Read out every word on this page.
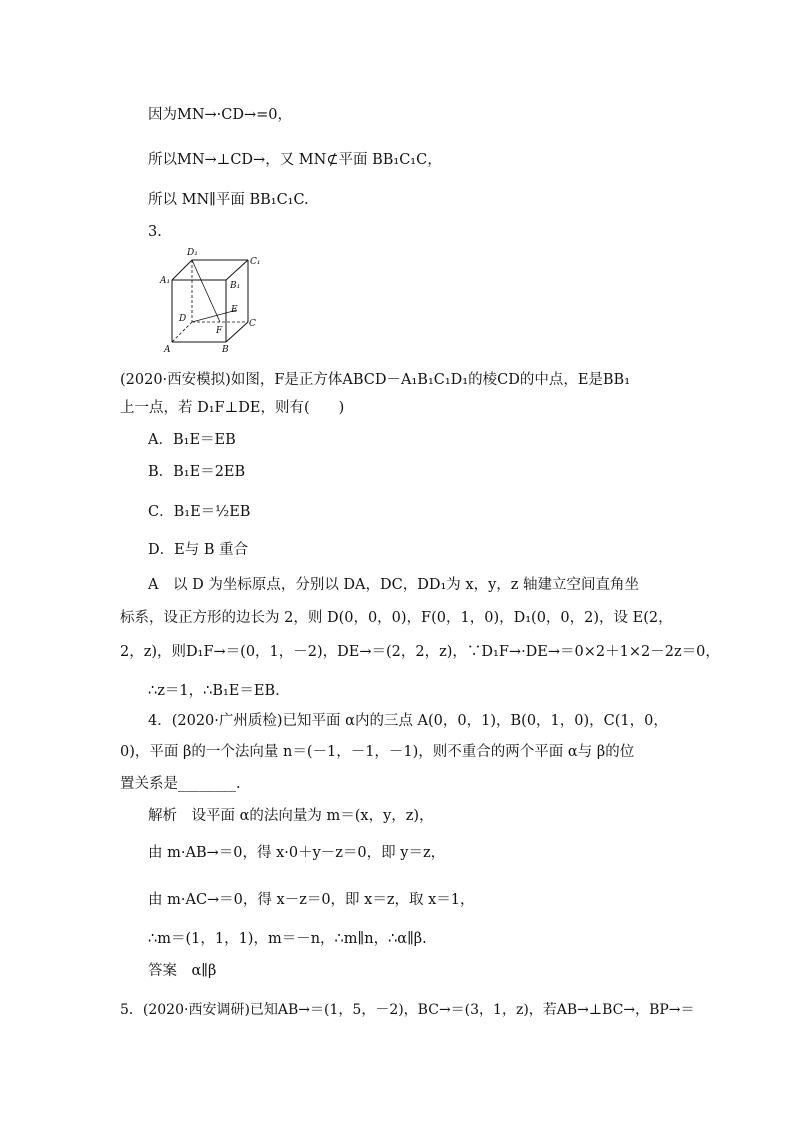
因为MN→·CD→=0，
所以MN→⊥CD→，又 MN⊄平面 BB₁C₁C，
所以 MN∥平面 BB₁C₁C.
3.
D₁
C₁
A₁	B₁
E
D
F
C
A	B
(2020·西安模拟)如图，F是正方体ABCD－A₁B₁C₁D₁的棱CD的中点，E是BB₁
上一点，若 D₁F⊥DE，则有(　　)
A．B₁E＝EB
B．B₁E＝2EB
C．B₁E＝½EB
D．E与 B 重合
A　以 D 为坐标原点，分别以 DA，DC，DD₁为 x，y，z 轴建立空间直角坐
标系，设正方形的边长为 2，则 D(0，0，0)，F(0，1，0)，D₁(0，0，2)，设 E(2，
2，z)，则D₁F→＝(0，1，－2)，DE→＝(2，2，z)，∵D₁F→·DE→＝0×2＋1×2－2z＝0，
∴z＝1，∴B₁E＝EB.
4．(2020·广州质检)已知平面 α内的三点 A(0，0，1)，B(0，1，0)，C(1，0，
0)，平面 β的一个法向量 n＝(－1，－1，－1)，则不重合的两个平面 α与 β的位
置关系是________.
解析　设平面 α的法向量为 m＝(x，y，z)，
由 m·AB→＝0，得 x·0＋y－z＝0，即 y＝z，
由 m·AC→＝0，得 x－z＝0，即 x＝z，取 x＝1，
∴m＝(1，1，1)，m＝－n，∴m∥n，∴α∥β.
答案　α∥β
5．(2020·西安调研)已知AB→＝(1，5，－2)，BC→＝(3，1，z)，若AB→⊥BC→，BP→＝
